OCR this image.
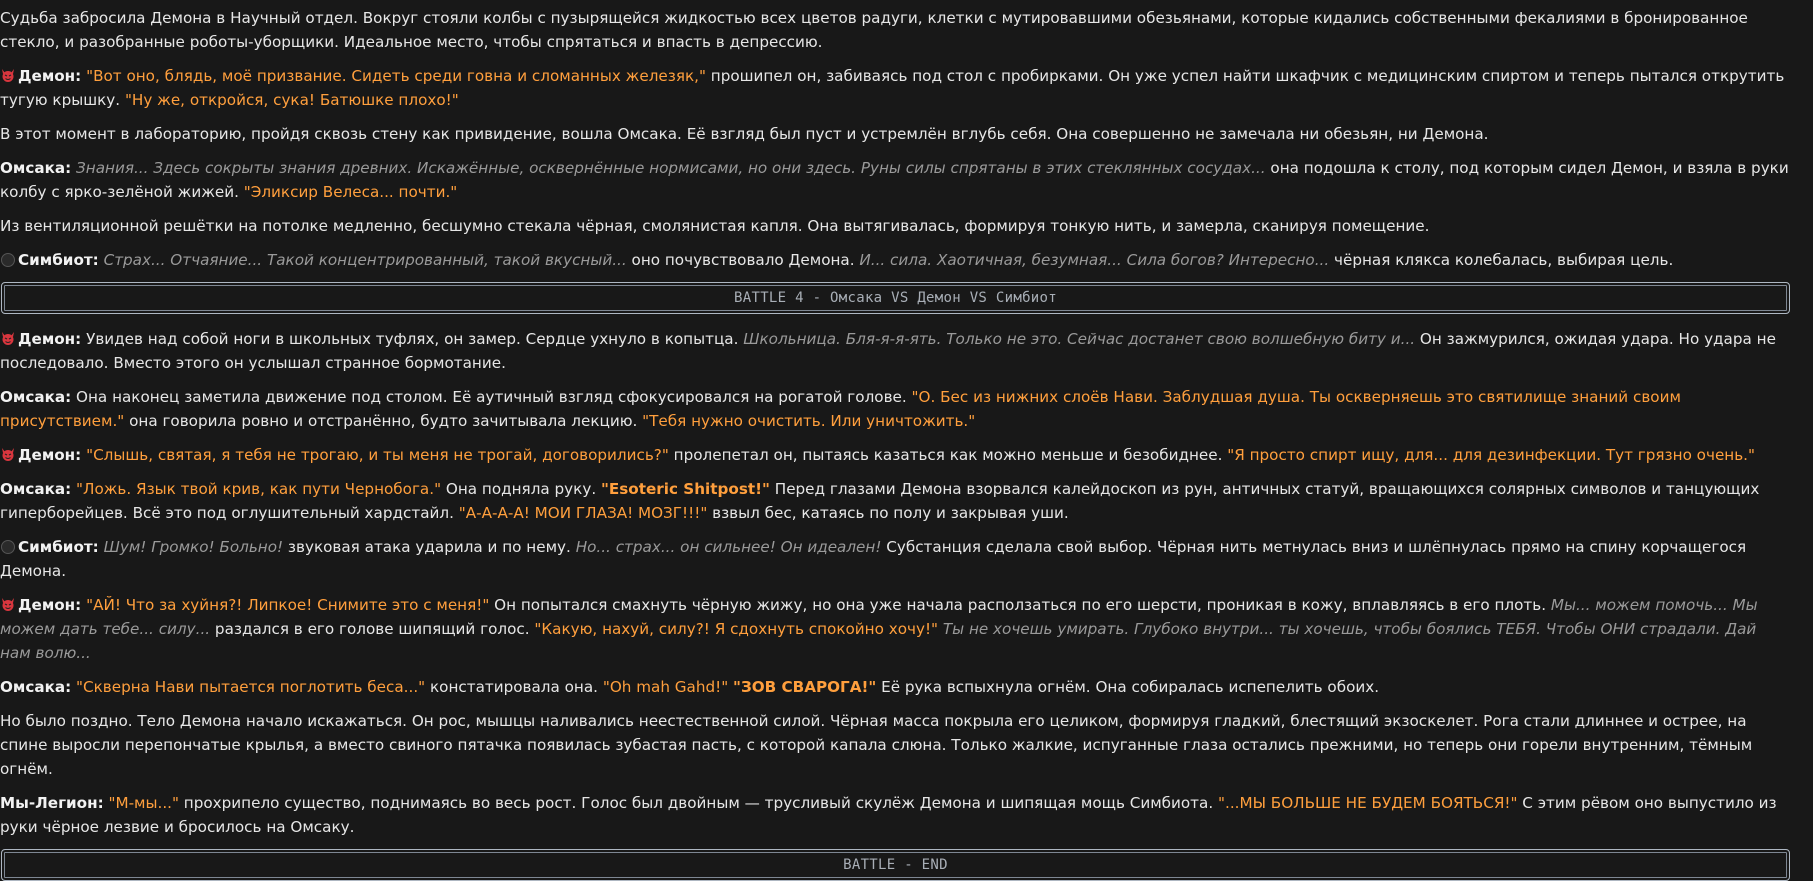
Судьба забросила Демона в Научный отдел. Вокруг стояли колбы с пузырящейся жидкостью всех цветов радуги, клетки с мутировавшими обезьянами, которые кидались собственными фекалиями в бронированное стекло, и разобранные роботы-уборщики. Идеальное место, чтобы спрятаться и впасть в депрессию.

Демон: "Вот оно, блядь, моё призвание. Сидеть среди говна и сломанных железяк," прошипел он, забиваясь под стол с пробирками. Он уже успел найти шкафчик с медицинским спиртом и теперь пытался открутить тугую крышку. "Ну же, откройся, сука! Батюшке плохо!"

В этот момент в лабораторию, пройдя сквозь стену как привидение, вошла Омсака. Её взгляд был пуст и устремлён вглубь себя. Она совершенно не замечала ни обезьян, ни Демона.

Омсака: Знания... Здесь сокрыты знания древних. Искажённые, осквернённые нормисами, но они здесь. Руны силы спрятаны в этих стеклянных сосудах... она подошла к столу, под которым сидел Демон, и взяла в руки колбу с ярко-зелёной жижей. "Эликсир Велеса... почти."

Из вентиляционной решётки на потолке медленно, бесшумно стекала чёрная, смолянистая капля. Она вытягивалась, формируя тонкую нить, и замерла, сканируя помещение.

Симбиот: Страх... Отчаяние... Такой концентрированный, такой вкусный... оно почувствовало Демона. И... сила. Хаотичная, безумная... Сила богов? Интересно... чёрная клякса колебалась, выбирая цель.

BATTLE 4 - Омсака VS Демон VS Симбиот

Демон: Увидев над собой ноги в школьных туфлях, он замер. Сердце ухнуло в копытца. Школьница. Бля-я-я-ять. Только не это. Сейчас достанет свою волшебную биту и... Он зажмурился, ожидая удара. Но удара не последовало. Вместо этого он услышал странное бормотание.

Омсака: Она наконец заметила движение под столом. Её аутичный взгляд сфокусировался на рогатой голове. "О. Бес из нижних слоёв Нави. Заблудшая душа. Ты оскверняешь это святилище знаний своим присутствием." она говорила ровно и отстранённо, будто зачитывала лекцию. "Тебя нужно очистить. Или уничтожить."

Демон: "Слышь, святая, я тебя не трогаю, и ты меня не трогай, договорились?" пролепетал он, пытаясь казаться как можно меньше и безобиднее. "Я просто спирт ищу, для... для дезинфекции. Тут грязно очень."

Омсака: "Ложь. Язык твой крив, как пути Чернобога." Она подняла руку. "Esoteric Shitpost!" Перед глазами Демона взорвался калейдоскоп из рун, античных статуй, вращающихся солярных символов и танцующих гиперборейцев. Всё это под оглушительный хардстайл. "А-А-А-А! МОИ ГЛАЗА! МОЗГ!!!" взвыл бес, катаясь по полу и закрывая уши.

Симбиот: Шум! Громко! Больно! звуковая атака ударила и по нему. Но... страх... он сильнее! Он идеален! Субстанция сделала свой выбор. Чёрная нить метнулась вниз и шлёпнулась прямо на спину корчащегося Демона.

Демон: "АЙ! Что за хуйня?! Липкое! Снимите это с меня!" Он попытался смахнуть чёрную жижу, но она уже начала расползаться по его шерсти, проникая в кожу, вплавляясь в его плоть. Мы... можем помочь... Мы можем дать тебе... силу... раздался в его голове шипящий голос. "Какую, нахуй, силу?! Я сдохнуть спокойно хочу!" Ты не хочешь умирать. Глубоко внутри... ты хочешь, чтобы боялись ТЕБЯ. Чтобы ОНИ страдали. Дай нам волю...

Омсака: "Скверна Нави пытается поглотить беса..." констатировала она. "Oh mah Gahd!" "ЗОВ СВАРОГА!" Её рука вспыхнула огнём. Она собиралась испепелить обоих.

Но было поздно. Тело Демона начало искажаться. Он рос, мышцы наливались неестественной силой. Чёрная масса покрыла его целиком, формируя гладкий, блестящий экзоскелет. Рога стали длиннее и острее, на спине выросли перепончатые крылья, а вместо свиного пятачка появилась зубастая пасть, с которой капала слюна. Только жалкие, испуганные глаза остались прежними, но теперь они горели внутренним, тёмным огнём.

Мы-Легион: "М-мы..." прохрипело существо, поднимаясь во весь рост. Голос был двойным — трусливый скулёж Демона и шипящая мощь Симбиота. "...МЫ БОЛЬШЕ НЕ БУДЕМ БОЯТЬСЯ!" С этим рёвом оно выпустило из руки чёрное лезвие и бросилось на Омсаку.

BATTLE - END
